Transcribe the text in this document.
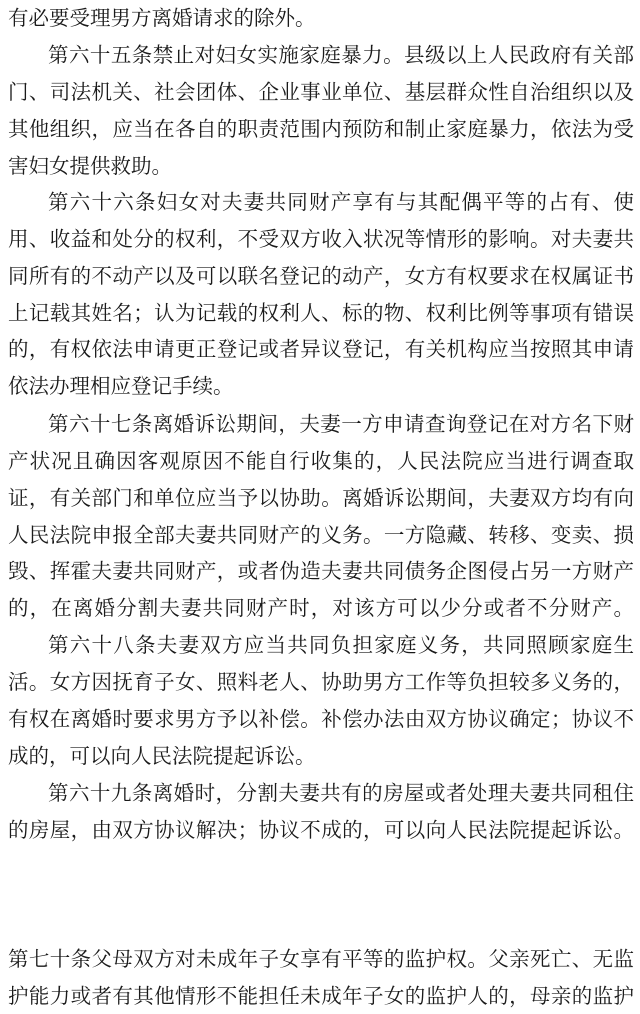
有必要受理男方离婚请求的除外。
第六十五条禁止对妇女实施家庭暴力。县级以上人民政府有关部
门、司法机关、社会团体、企业事业单位、基层群众性自治组织以及
其他组织，应当在各自的职责范围内预防和制止家庭暴力，依法为受
害妇女提供救助。
第六十六条妇女对夫妻共同财产享有与其配偶平等的占有、使
用、收益和处分的权利，不受双方收入状况等情形的影响。对夫妻共
同所有的不动产以及可以联名登记的动产，女方有权要求在权属证书
上记载其姓名；认为记载的权利人、标的物、权利比例等事项有错误
的，有权依法申请更正登记或者异议登记，有关机构应当按照其申请
依法办理相应登记手续。
第六十七条离婚诉讼期间，夫妻一方申请查询登记在对方名下财
产状况且确因客观原因不能自行收集的，人民法院应当进行调查取
证，有关部门和单位应当予以协助。离婚诉讼期间，夫妻双方均有向
人民法院申报全部夫妻共同财产的义务。一方隐藏、转移、变卖、损
毁、挥霍夫妻共同财产，或者伪造夫妻共同债务企图侵占另一方财产
的，在离婚分割夫妻共同财产时，对该方可以少分或者不分财产。
第六十八条夫妻双方应当共同负担家庭义务，共同照顾家庭生
活。女方因抚育子女、照料老人、协助男方工作等负担较多义务的，
有权在离婚时要求男方予以补偿。补偿办法由双方协议确定；协议不
成的，可以向人民法院提起诉讼。
第六十九条离婚时，分割夫妻共有的房屋或者处理夫妻共同租住
的房屋，由双方协议解决；协议不成的，可以向人民法院提起诉讼。
第七十条父母双方对未成年子女享有平等的监护权。父亲死亡、无监
护能力或者有其他情形不能担任未成年子女的监护人的，母亲的监护
